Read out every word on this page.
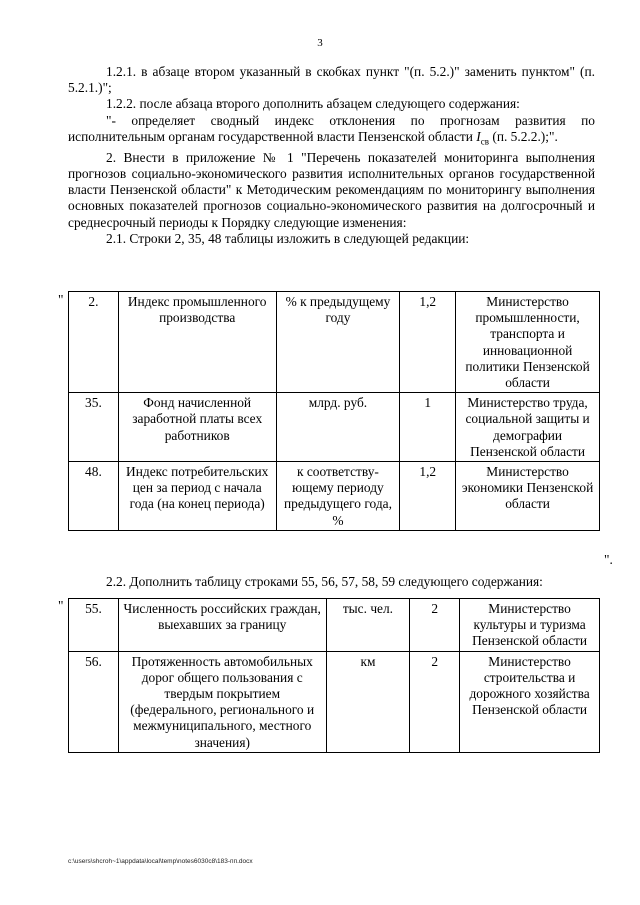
3

1.2.1. в абзаце втором указанный в скобках пункт "(п. 5.2.)" заменить пунктом" (п. 5.2.1.)";

1.2.2. после абзаца второго дополнить абзацем следующего содержания:

"- определяет сводный индекс отклонения по прогнозам развития по исполнительным органам государственной власти Пензенской области $I_{св}$ (п. 5.2.2.);".

2. Внести в приложение № 1 "Перечень показателей мониторинга выполнения прогнозов социально-экономического развития исполнительных органов государственной власти Пензенской области" к Методическим рекомендациям по мониторингу выполнения основных показателей прогнозов социально-экономического развития на долгосрочный и среднесрочный периоды к Порядку следующие изменения:

2.1. Строки 2, 35, 48 таблицы изложить в следующей редакции:

" 2.	Индекс промышленного производства	% к предыдущему году	1,2	Министерство промышленности, транспорта и инновационной политики Пензенской области
35.	Фонд начисленной заработной платы всех работников	млрд. руб.	1	Министерство труда, социальной защиты и демографии Пензенской области
48.	Индекс потребительских цен за период с начала года (на конец периода)	к соответству-ющему периоду предыдущего года, %	1,2	Министерство экономики Пензенской области
".

2.2. Дополнить таблицу строками 55, 56, 57, 58, 59 следующего содержания:

" 55.	Численность российских граждан, выехавших за границу	тыс. чел.	2	Министерство культуры и туризма Пензенской области
56.	Протяженность автомобильных дорог общего пользования с твердым покрытием (федерального, регионального и межмуниципального, местного значения)	км	2	Министерство строительства и дорожного хозяйства Пензенской области
c:\users\shcroh~1\appdata\local\temp\notes6030c8\183-пп.docx
